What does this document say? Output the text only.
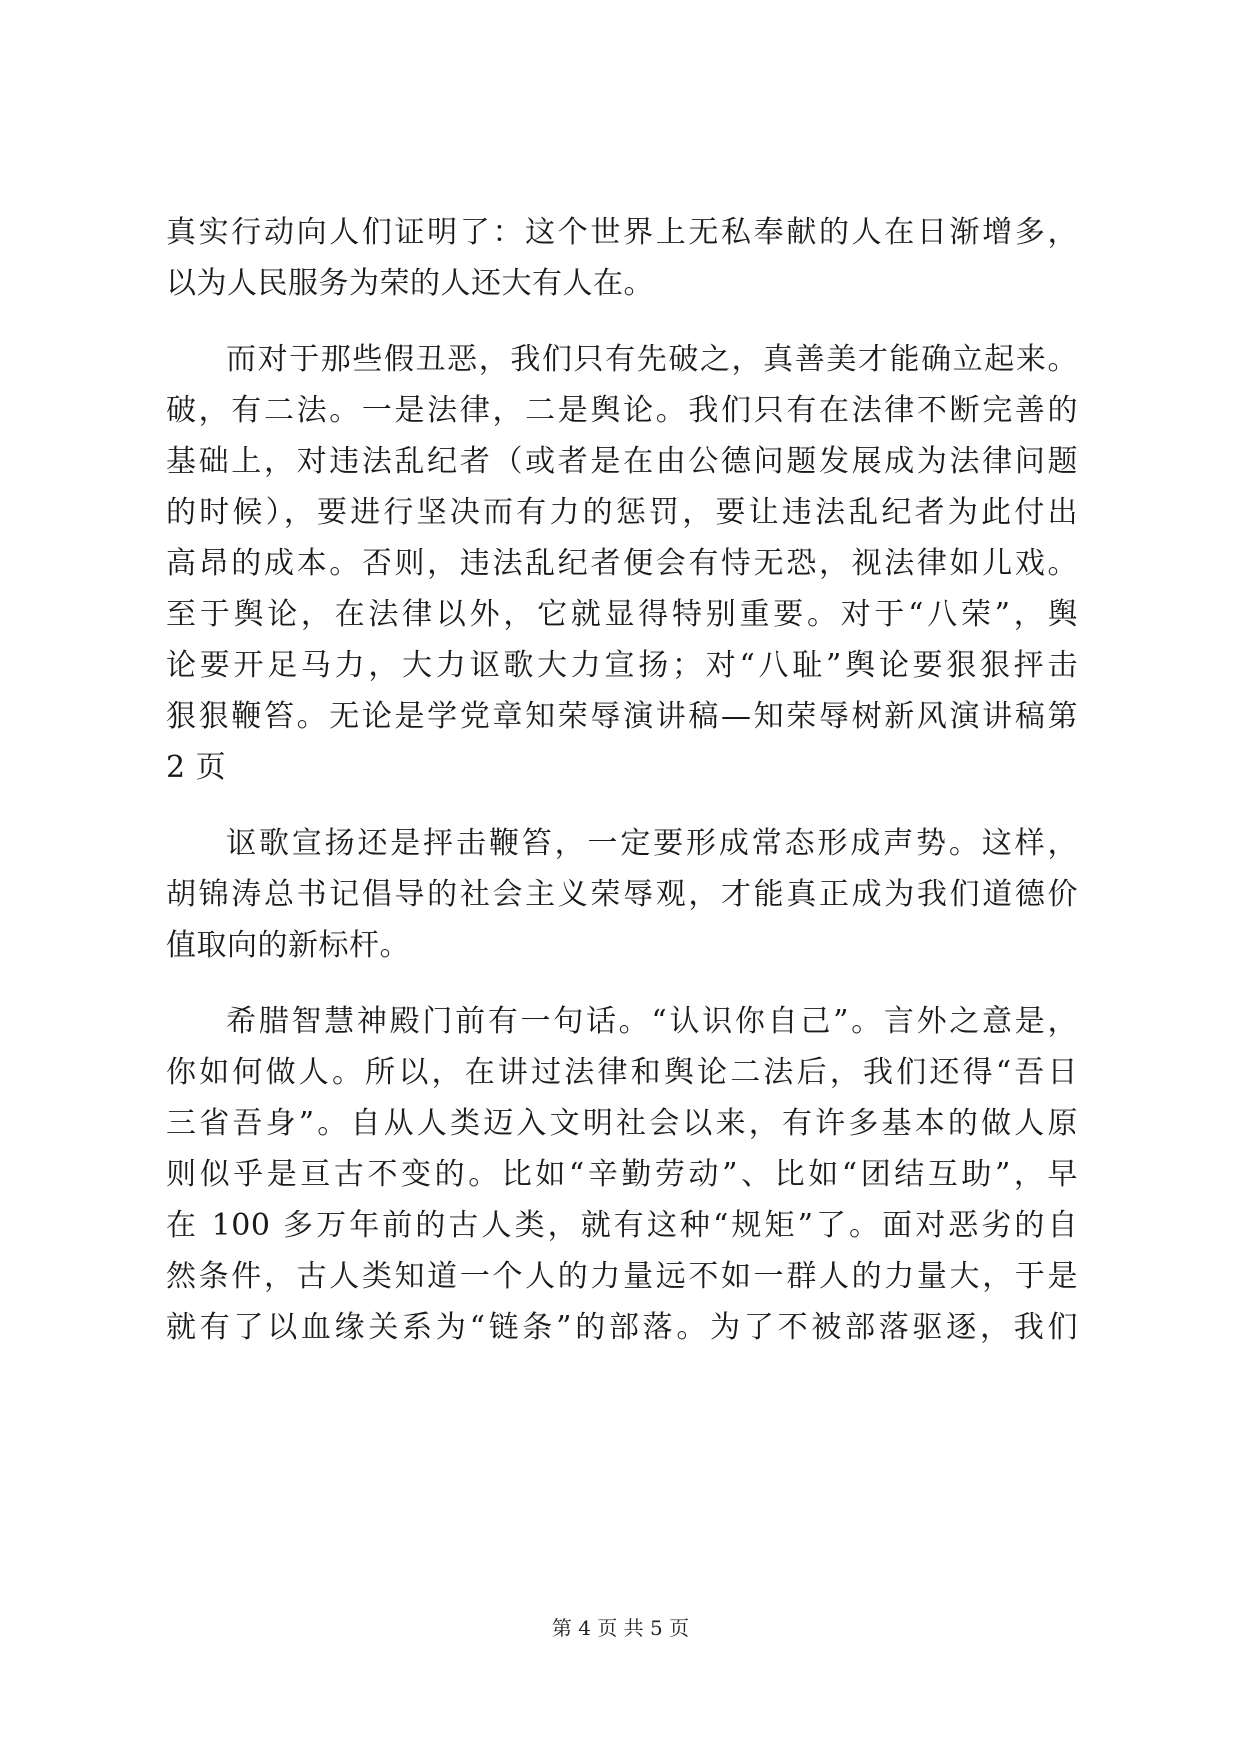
真实行动向人们证明了：这个世界上无私奉献的人在日渐增多，
以为人民服务为荣的人还大有人在。
而对于那些假丑恶，我们只有先破之，真善美才能确立起来。
破，有二法。一是法律，二是舆论。我们只有在法律不断完善的
基础上，对违法乱纪者（或者是在由公德问题发展成为法律问题
的时候），要进行坚决而有力的惩罚，要让违法乱纪者为此付出
高昂的成本。否则，违法乱纪者便会有恃无恐，视法律如儿戏。
至于舆论，在法律以外，它就显得特别重要。对于“八荣”，舆
论要开足马力，大力讴歌大力宣扬；对“八耻”舆论要狠狠抨击
狠狠鞭笞。无论是学党章知荣辱演讲稿—知荣辱树新风演讲稿第
2 页
讴歌宣扬还是抨击鞭笞，一定要形成常态形成声势。这样，
胡锦涛总书记倡导的社会主义荣辱观，才能真正成为我们道德价
值取向的新标杆。
希腊智慧神殿门前有一句话。“认识你自己”。言外之意是，
你如何做人。所以，在讲过法律和舆论二法后，我们还得“吾日
三省吾身”。自从人类迈入文明社会以来，有许多基本的做人原
则似乎是亘古不变的。比如“辛勤劳动”、比如“团结互助”，早
在 100 多万年前的古人类，就有这种“规矩”了。面对恶劣的自
然条件，古人类知道一个人的力量远不如一群人的力量大，于是
就有了以血缘关系为“链条”的部落。为了不被部落驱逐，我们
第 4 页 共 5 页
